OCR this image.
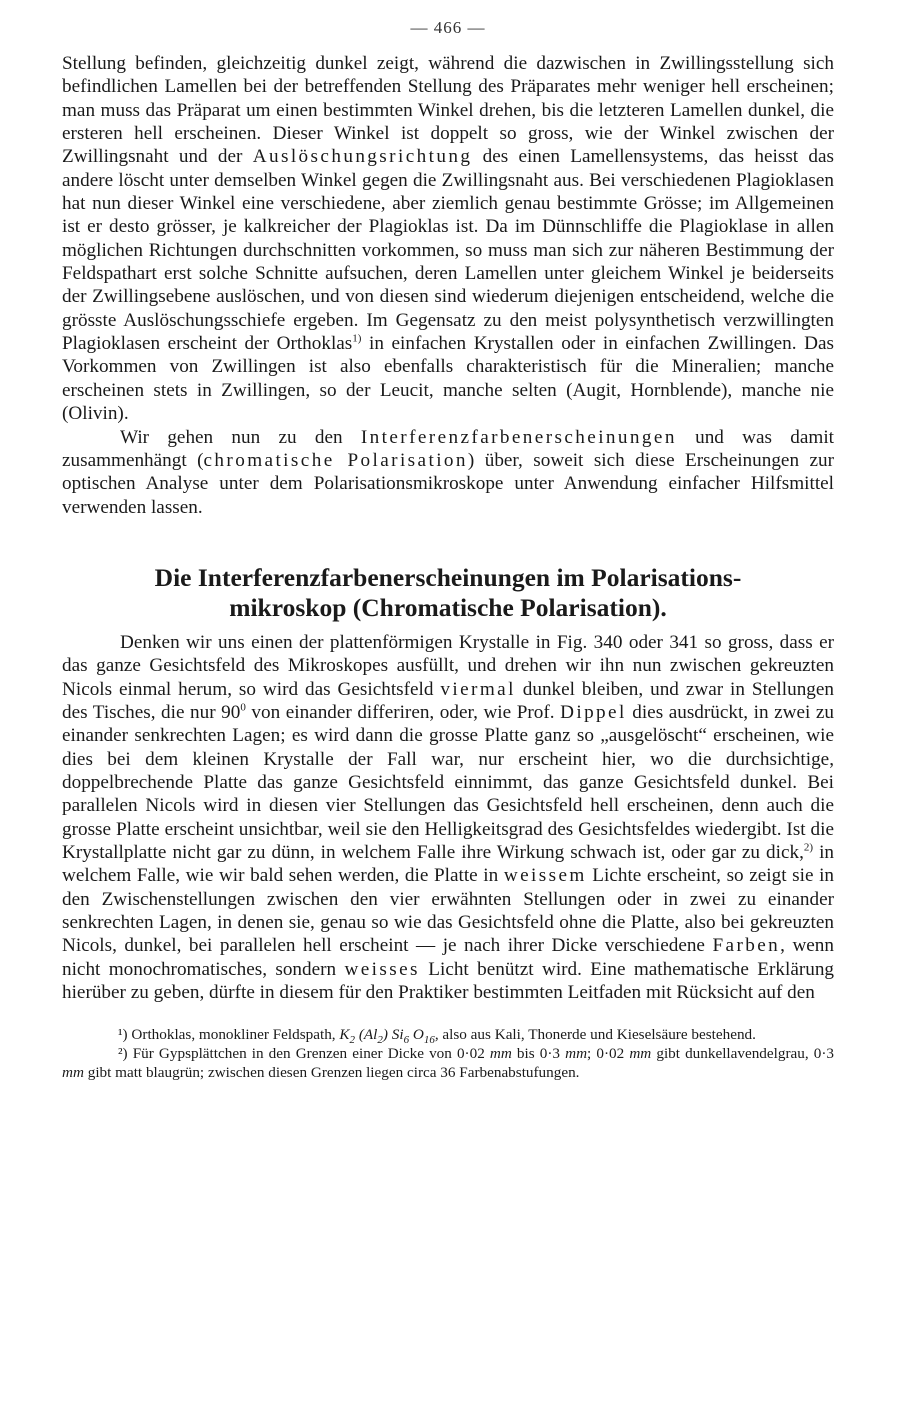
— 466 —

Stellung befinden, gleichzeitig dunkel zeigt, während die dazwischen in Zwillingsstellung sich befindlichen Lamellen bei der betreffenden Stellung des Präparates mehr weniger hell erscheinen; man muss das Präparat um einen bestimmten Winkel drehen, bis die letzteren Lamellen dunkel, die ersteren hell erscheinen. Dieser Winkel ist doppelt so gross, wie der Winkel zwischen der Zwillingsnaht und der Auslöschungsrichtung des einen Lamellensystems, das heisst das andere löscht unter demselben Winkel gegen die Zwillingsnaht aus. Bei verschiedenen Plagioklasen hat nun dieser Winkel eine verschiedene, aber ziemlich genau bestimmte Grösse; im Allgemeinen ist er desto grösser, je kalkreicher der Plagioklas ist. Da im Dünnschliffe die Plagioklase in allen möglichen Richtungen durchschnitten vorkommen, so muss man sich zur näheren Bestimmung der Feldspathart erst solche Schnitte aufsuchen, deren Lamellen unter gleichem Winkel je beiderseits der Zwillingsebene auslöschen, und von diesen sind wiederum diejenigen entscheidend, welche die grösste Auslöschungsschiefe ergeben. Im Gegensatz zu den meist polysynthetisch verzwillingten Plagioklasen erscheint der Orthoklas$^{1)}$ in einfachen Krystallen oder in einfachen Zwillingen. Das Vorkommen von Zwillingen ist also ebenfalls charakteristisch für die Mineralien; manche erscheinen stets in Zwillingen, so der Leucit, manche selten (Augit, Hornblende), manche nie (Olivin).

Wir gehen nun zu den Interferenzfarbenerscheinungen und was damit zusammenhängt (chromatische Polarisation) über, soweit sich diese Erscheinungen zur optischen Analyse unter dem Polarisationsmikroskope unter Anwendung einfacher Hilfsmittel verwenden lassen.

Die Interferenzfarbenerscheinungen im Polarisations-
mikroskop (Chromatische Polarisation).

Denken wir uns einen der plattenförmigen Krystalle in Fig. 340 oder 341 so gross, dass er das ganze Gesichtsfeld des Mikroskopes ausfüllt, und drehen wir ihn nun zwischen gekreuzten Nicols einmal herum, so wird das Gesichtsfeld viermal dunkel bleiben, und zwar in Stellungen des Tisches, die nur $90^0$ von einander differiren, oder, wie Prof. Dippel dies ausdrückt, in zwei zu einander senkrechten Lagen; es wird dann die grosse Platte ganz so „ausgelöscht“ erscheinen, wie dies bei dem kleinen Krystalle der Fall war, nur erscheint hier, wo die durchsichtige, doppelbrechende Platte das ganze Gesichtsfeld einnimmt, das ganze Gesichtsfeld dunkel. Bei parallelen Nicols wird in diesen vier Stellungen das Gesichtsfeld hell erscheinen, denn auch die grosse Platte erscheint unsichtbar, weil sie den Helligkeitsgrad des Gesichtsfeldes wiedergibt. Ist die Krystallplatte nicht gar zu dünn, in welchem Falle ihre Wirkung schwach ist, oder gar zu dick,$^{2)}$ in welchem Falle, wie wir bald sehen werden, die Platte in weissem Lichte erscheint, so zeigt sie in den Zwischenstellungen zwischen den vier erwähnten Stellungen oder in zwei zu einander senkrechten Lagen, in denen sie, genau so wie das Gesichtsfeld ohne die Platte, also bei gekreuzten Nicols, dunkel, bei parallelen hell erscheint — je nach ihrer Dicke verschiedene Farben, wenn nicht monochromatisches, sondern weisses Licht benützt wird. Eine mathematische Erklärung hierüber zu geben, dürfte in diesem für den Praktiker bestimmten Leitfaden mit Rücksicht auf den

¹) Orthoklas, monokliner Feldspath, $K_2$ $(Al_2)$ $Si_6$ $O_{16}$, also aus Kali, Thonerde und Kieselsäure bestehend.

²) Für Gypsplättchen in den Grenzen einer Dicke von 0·02 mm bis 0·3 mm; 0·02 mm gibt dunkellavendelgrau, 0·3 mm gibt matt blaugrün; zwischen diesen Grenzen liegen circa 36 Farbenabstufungen.
